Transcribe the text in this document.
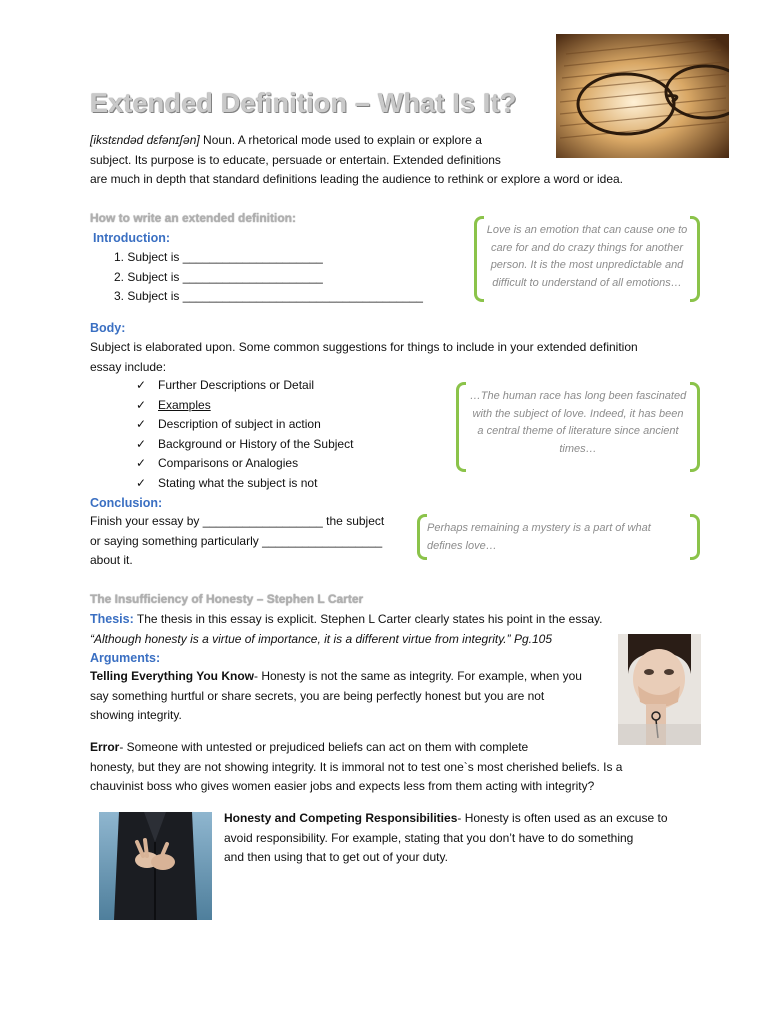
Extended Definition – What Is It?
[ikstɛndəd dɛfənɪʃən] Noun. A rhetorical mode used to explain or explore a
subject. Its purpose is to educate, persuade or entertain. Extended definitions
are much in depth that standard definitions leading the audience to rethink or explore a word or idea.
How to write an extended definition:
Introduction:
1. Subject is _____________________
2. Subject is _____________________
3. Subject is ____________________________________
Love is an emotion that can cause one to care for and do crazy things for another person. It is the most unpredictable and difficult to understand of all emotions…
Body:
Subject is elaborated upon. Some common suggestions for things to include in your extended definition
essay include:
✓ Further Descriptions or Detail
✓ Examples
✓ Description of subject in action
✓ Background or History of the Subject
✓ Comparisons or Analogies
✓ Stating what the subject is not
…The human race has long been fascinated with the subject of love. Indeed, it has been a central theme of literature since ancient times…
Conclusion:
Finish your essay by __________________ the subject
or saying something particularly __________________
about it.
Perhaps remaining a mystery is a part of what defines love…
The Insufficiency of Honesty – Stephen L Carter
Thesis: The thesis in this essay is explicit. Stephen L Carter clearly states his point in the essay.
“Although honesty is a virtue of importance, it is a different virtue from integrity.” Pg.105
Arguments:
Telling Everything You Know- Honesty is not the same as integrity. For example, when you
say something hurtful or share secrets, you are being perfectly honest but you are not
showing integrity.
Error- Someone with untested or prejudiced beliefs can act on them with complete
honesty, but they are not showing integrity. It is immoral not to test one`s most cherished beliefs. Is a
chauvinist boss who gives women easier jobs and expects less from them acting with integrity?
Honesty and Competing Responsibilities- Honesty is often used as an excuse to
avoid responsibility. For example, stating that you don’t have to do something
and then using that to get out of your duty.
